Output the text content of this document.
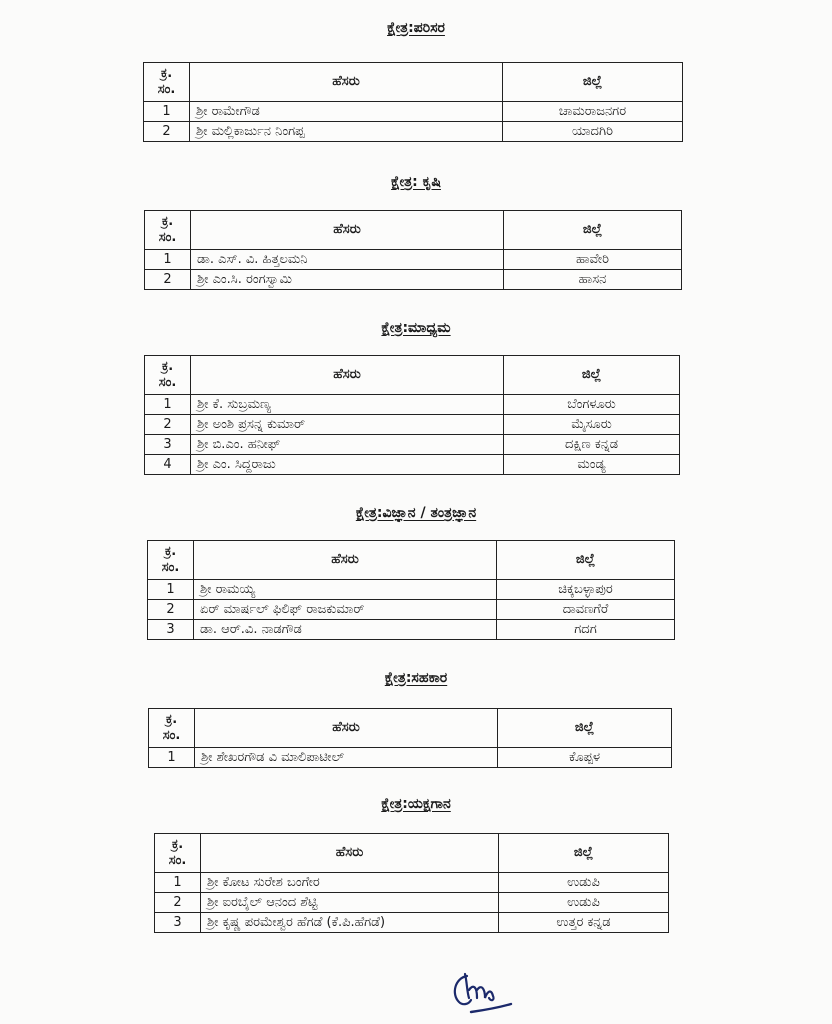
ಕ್ಷೇತ್ರ:ಪರಿಸರ
ಕ್ರ. ಸಂ.	ಹೆಸರು	ಜಿಲ್ಲೆ
1	ಶ್ರೀ ರಾಮೇಗೌಡ	ಚಾಮರಾಜನಗರ
2	ಶ್ರೀ ಮಲ್ಲಿಕಾರ್ಜುನ ನಿಂಗಪ್ಪ	ಯಾದಗಿರಿ
ಕ್ಷೇತ್ರ: ಕೃಷಿ
ಕ್ರ. ಸಂ.	ಹೆಸರು	ಜಿಲ್ಲೆ
1	ಡಾ. ಎಸ್. ವಿ. ಹಿತ್ತಲಮನಿ	ಹಾವೇರಿ
2	ಶ್ರೀ ಎಂ.ಸಿ. ರಂಗಸ್ವಾಮಿ	ಹಾಸನ
ಕ್ಷೇತ್ರ:ಮಾಧ್ಯಮ
ಕ್ರ. ಸಂ.	ಹೆಸರು	ಜಿಲ್ಲೆ
1	ಶ್ರೀ ಕೆ. ಸುಬ್ರಮಣ್ಯ	ಬೆಂಗಳೂರು
2	ಶ್ರೀ ಅಂಶಿ ಪ್ರಸನ್ನ ಕುಮಾರ್	ಮೈಸೂರು
3	ಶ್ರೀ ಬಿ.ಎಂ. ಹನೀಫ್	ದಕ್ಷಿಣ ಕನ್ನಡ
4	ಶ್ರೀ ಎಂ. ಸಿದ್ದರಾಜು	ಮಂಡ್ಯ
ಕ್ಷೇತ್ರ:ವಿಜ್ಞಾನ / ತಂತ್ರಜ್ಞಾನ
ಕ್ರ. ಸಂ.	ಹೆಸರು	ಜಿಲ್ಲೆ
1	ಶ್ರೀ ರಾಮಯ್ಯ	ಚಿಕ್ಕಬಳ್ಳಾಪುರ
2	ಏರ್ ಮಾರ್ಷಲ್ ಫಿಲಿಫ್ ರಾಜಕುಮಾರ್	ದಾವಣಗೆರೆ
3	ಡಾ. ಆರ್.ವಿ. ನಾಡಗೌಡ	ಗದಗ
ಕ್ಷೇತ್ರ:ಸಹಕಾರ
ಕ್ರ. ಸಂ.	ಹೆಸರು	ಜಿಲ್ಲೆ
1	ಶ್ರೀ ಶೇಖರಗೌಡ ವಿ ಮಾಲಿಪಾಟೀಲ್	ಕೊಪ್ಪಳ
ಕ್ಷೇತ್ರ:ಯಕ್ಷಗಾನ
ಕ್ರ. ಸಂ.	ಹೆಸರು	ಜಿಲ್ಲೆ
1	ಶ್ರೀ ಕೋಟ ಸುರೇಶ ಬಂಗೇರ	ಉಡುಪಿ
2	ಶ್ರೀ ಐರಬೈಲ್ ಆನಂದ ಶೆಟ್ಟಿ	ಉಡುಪಿ
3	ಶ್ರೀ ಕೃಷ್ಣ ಪರಮೇಶ್ವರ ಹೆಗಡೆ (ಕೆ.ಪಿ.ಹೆಗಡೆ)	ಉತ್ತರ ಕನ್ನಡ
